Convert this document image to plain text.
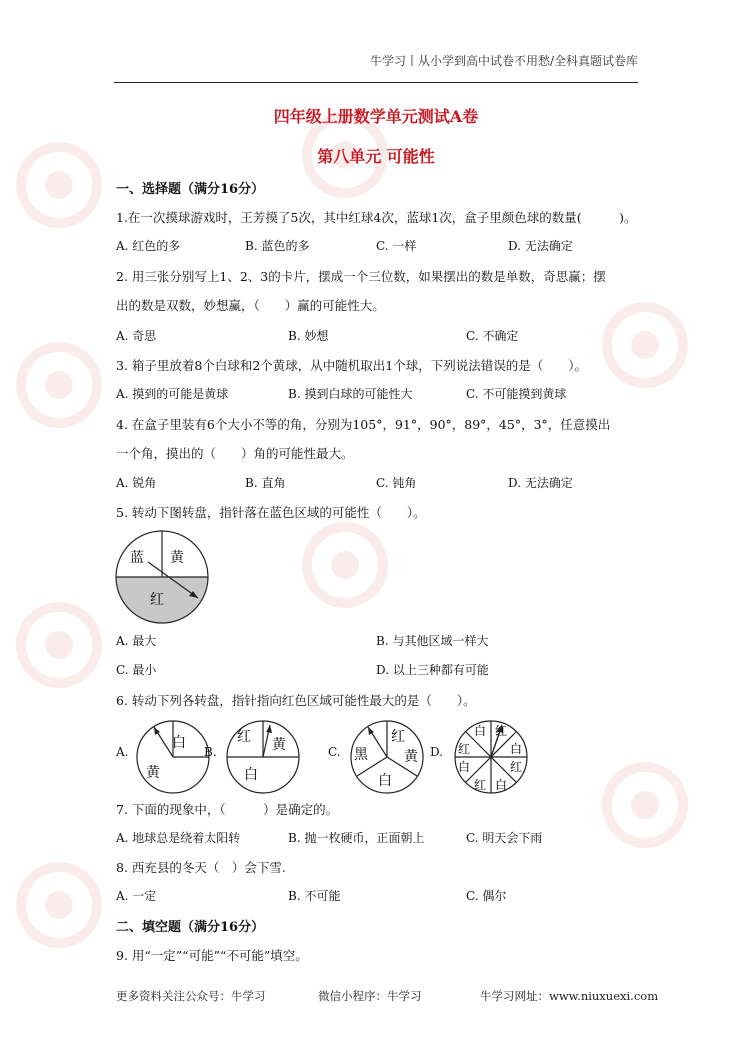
牛学习丨从小学到高中试卷不用愁/全科真题试卷库
四年级上册数学单元测试A卷
第八单元 可能性
一、选择题（满分16分）
1.在一次摸球游戏时，王芳摸了5次，其中红球4次，蓝球1次，盒子里颜色球的数量(　　　)。
A. 红色的多	B. 蓝色的多	C. 一样	D. 无法确定
2. 用三张分别写上1、2、3的卡片，摆成一个三位数，如果摆出的数是单数，奇思赢；摆
出的数是双数，妙想赢，（　　）赢的可能性大。
A. 奇思	B. 妙想	C. 不确定
3. 箱子里放着8个白球和2个黄球，从中随机取出1个球，下列说法错误的是（　　）。
A. 摸到的可能是黄球	B. 摸到白球的可能性大	C. 不可能摸到黄球
4. 在盒子里装有6个大小不等的角，分别为105°，91°，90°，89°，45°，3°，任意摸出
一个角，摸出的（　　）角的可能性最大。
A. 锐角	B. 直角	C. 钝角	D. 无法确定
5. 转动下图转盘，指针落在蓝色区域的可能性（　　）。
蓝 黄
红
A. 最大	B. 与其他区域一样大
C. 最小	D. 以上三种都有可能
6. 转动下列各转盘，指针指向红色区域可能性最大的是（　　）。
A.
白
黄
B.
红 黄
白
C. 黑
红
黄
白
D.
白 红
红	白
白	红
红 白
7. 下面的现象中，（　　　）是确定的。
A. 地球总是绕着太阳转	B. 抛一枚硬币，正面朝上	C. 明天会下雨
8. 西充县的冬天（　）会下雪.
A. 一定	B. 不可能	C. 偶尔
二、填空题（满分16分）
9. 用“一定”“可能”“不可能”填空。
更多资料关注公众号：牛学习	微信小程序：牛学习	牛学习网址：www.niuxuexi.com
